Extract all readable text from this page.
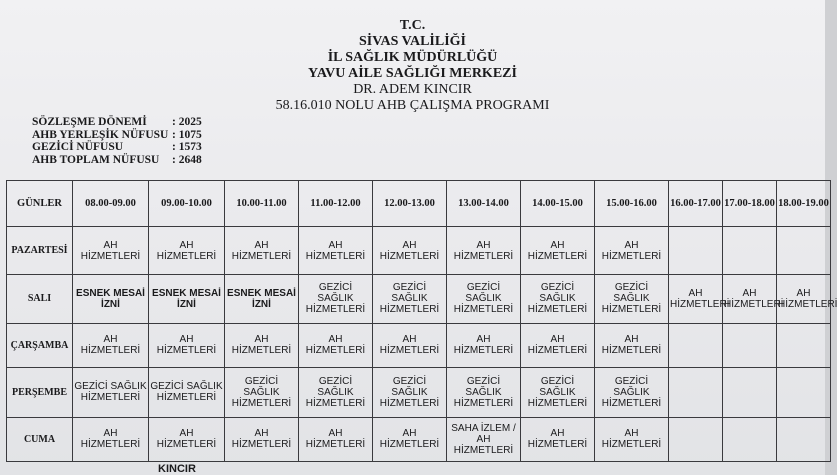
T.C.
SİVAS VALİLİĞİ
İL SAĞLIK MÜDÜRLÜĞÜ
YAVU AİLE SAĞLIĞI MERKEZİ
DR. ADEM KINCIR
58.16.010 NOLU AHB ÇALIŞMA PROGRAMI
SÖZLEŞME DÖNEMİ	: 2025
AHB YERLEŞİK NÜFUSU : 1075
GEZİCİ NÜFUSU	: 1573
AHB TOPLAM NÜFUSU	: 2648
GÜNLER	08.00-09.00	09.00-10.00	10.00-11.00	11.00-12.00	12.00-13.00	13.00-14.00	14.00-15.00	15.00-16.00	16.00-17.00	17.00-18.00	18.00-19.00
PAZARTESİ	AH HİZMETLERİ	AH HİZMETLERİ	AH HİZMETLERİ	AH HİZMETLERİ	AH HİZMETLERİ	AH HİZMETLERİ	AH HİZMETLERİ	AH HİZMETLERİ			
SALI	ESNEK MESAİ İZNİ	ESNEK MESAİ İZNİ	ESNEK MESAİ İZNİ	GEZİCİ SAĞLIK HİZMETLERİ	GEZİCİ SAĞLIK HİZMETLERİ	GEZİCİ SAĞLIK HİZMETLERİ	GEZİCİ SAĞLIK HİZMETLERİ	GEZİCİ SAĞLIK HİZMETLERİ	AH HİZMETLERİ	AH HİZMETLERİ	AH HİZMETLERİ
ÇARŞAMBA	AH HİZMETLERİ	AH HİZMETLERİ	AH HİZMETLERİ	AH HİZMETLERİ	AH HİZMETLERİ	AH HİZMETLERİ	AH HİZMETLERİ	AH HİZMETLERİ			
PERŞEMBE	GEZİCİ SAĞLIK HİZMETLERİ	GEZİCİ SAĞLIK HİZMETLERİ	GEZİCİ SAĞLIK HİZMETLERİ	GEZİCİ SAĞLIK HİZMETLERİ	GEZİCİ SAĞLIK HİZMETLERİ	GEZİCİ SAĞLIK HİZMETLERİ	GEZİCİ SAĞLIK HİZMETLERİ	GEZİCİ SAĞLIK HİZMETLERİ			
CUMA	AH HİZMETLERİ	AH HİZMETLERİ	AH HİZMETLERİ	AH HİZMETLERİ	AH HİZMETLERİ	SAHA İZLEM / AH HİZMETLERİ	AH HİZMETLERİ	AH HİZMETLERİ			
KINCIR
